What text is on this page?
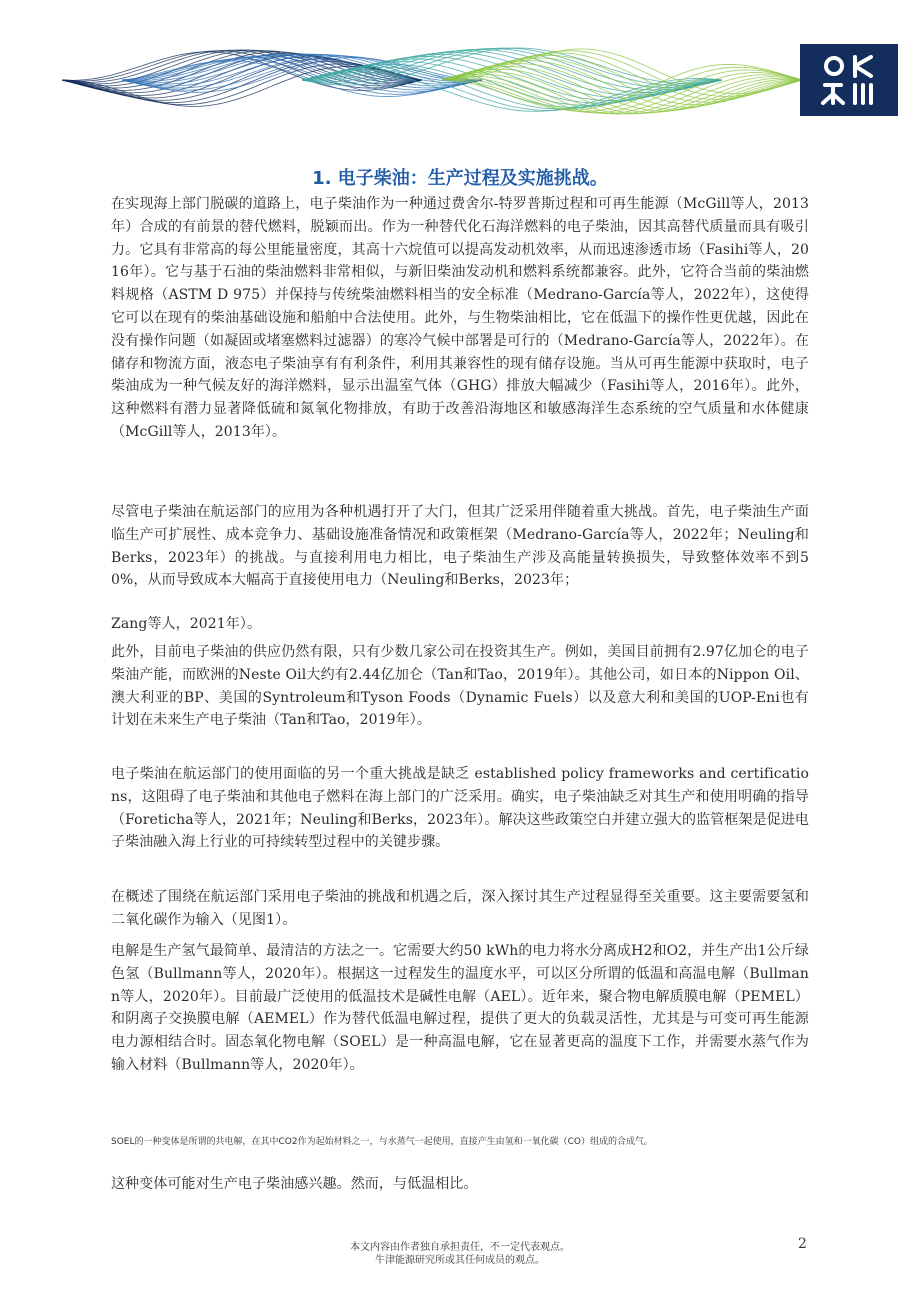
1. 电子柴油：生产过程及实施挑战。

在实现海上部门脱碳的道路上，电子柴油作为一种通过费舍尔-特罗普斯过程和可再生能源（McGill等人，2013年）合成的有前景的替代燃料，脱颖而出。作为一种替代化石海洋燃料的电子柴油，因其高替代质量而具有吸引力。它具有非常高的每公里能量密度，其高十六烷值可以提高发动机效率，从而迅速渗透市场（Fasihi等人，2016年）。它与基于石油的柴油燃料非常相似，与新旧柴油发动机和燃料系统都兼容。此外，它符合当前的柴油燃料规格（ASTM D 975）并保持与传统柴油燃料相当的安全标准（Medrano-García等人，2022年），这使得它可以在现有的柴油基础设施和船舶中合法使用。此外，与生物柴油相比，它在低温下的操作性更优越，因此在没有操作问题（如凝固或堵塞燃料过滤器）的寒冷气候中部署是可行的（Medrano-García等人，2022年）。在储存和物流方面，液态电子柴油享有有利条件，利用其兼容性的现有储存设施。当从可再生能源中获取时，电子柴油成为一种气候友好的海洋燃料，显示出温室气体（GHG）排放大幅减少（Fasihi等人，2016年）。此外，这种燃料有潜力显著降低硫和氮氧化物排放，有助于改善沿海地区和敏感海洋生态系统的空气质量和水体健康（McGill等人，2013年）。

尽管电子柴油在航运部门的应用为各种机遇打开了大门，但其广泛采用伴随着重大挑战。首先，电子柴油生产面临生产可扩展性、成本竞争力、基础设施准备情况和政策框架（Medrano-García等人，2022年；Neuling和Berks，2023年）的挑战。与直接利用电力相比，电子柴油生产涉及高能量转换损失，导致整体效率不到50%，从而导致成本大幅高于直接使用电力（Neuling和Berks，2023年；

Zang等人，2021年）。

此外，目前电子柴油的供应仍然有限，只有少数几家公司在投资其生产。例如，美国目前拥有2.97亿加仑的电子柴油产能，而欧洲的Neste Oil大约有2.44亿加仑（Tan和Tao，2019年）。其他公司，如日本的Nippon Oil、澳大利亚的BP、美国的Syntroleum和Tyson Foods（Dynamic Fuels）以及意大利和美国的UOP-Eni也有计划在未来生产电子柴油（Tan和Tao，2019年）。

电子柴油在航运部门的使用面临的另一个重大挑战是缺乏 established policy frameworks and certifications，这阻碍了电子柴油和其他电子燃料在海上部门的广泛采用。确实，电子柴油缺乏对其生产和使用明确的指导（Foreticha等人，2021年；Neuling和Berks，2023年）。解决这些政策空白并建立强大的监管框架是促进电子柴油融入海上行业的可持续转型过程中的关键步骤。

在概述了围绕在航运部门采用电子柴油的挑战和机遇之后，深入探讨其生产过程显得至关重要。这主要需要氢和二氧化碳作为输入（见图1）。

电解是生产氢气最简单、最清洁的方法之一。它需要大约50 kWh的电力将水分离成H2和O2，并生产出1公斤绿色氢（Bullmann等人，2020年）。根据这一过程发生的温度水平，可以区分所谓的低温和高温电解（Bullmann等人，2020年）。目前最广泛使用的低温技术是碱性电解（AEL）。近年来，聚合物电解质膜电解（PEMEL）和阴离子交换膜电解（AEMEL）作为替代低温电解过程，提供了更大的负载灵活性，尤其是与可变可再生能源电力源相结合时。固态氧化物电解（SOEL）是一种高温电解，它在显著更高的温度下工作，并需要水蒸气作为输入材料（Bullmann等人，2020年）。

SOEL的一种变体是所谓的共电解，在其中CO2作为起始材料之一，与水蒸气一起使用，直接产生由氢和一氧化碳（CO）组成的合成气。

这种变体可能对生产电子柴油感兴趣。然而，与低温相比。

本文内容由作者独自承担责任，不一定代表观点。
牛津能源研究所或其任何成员的观点。
2
